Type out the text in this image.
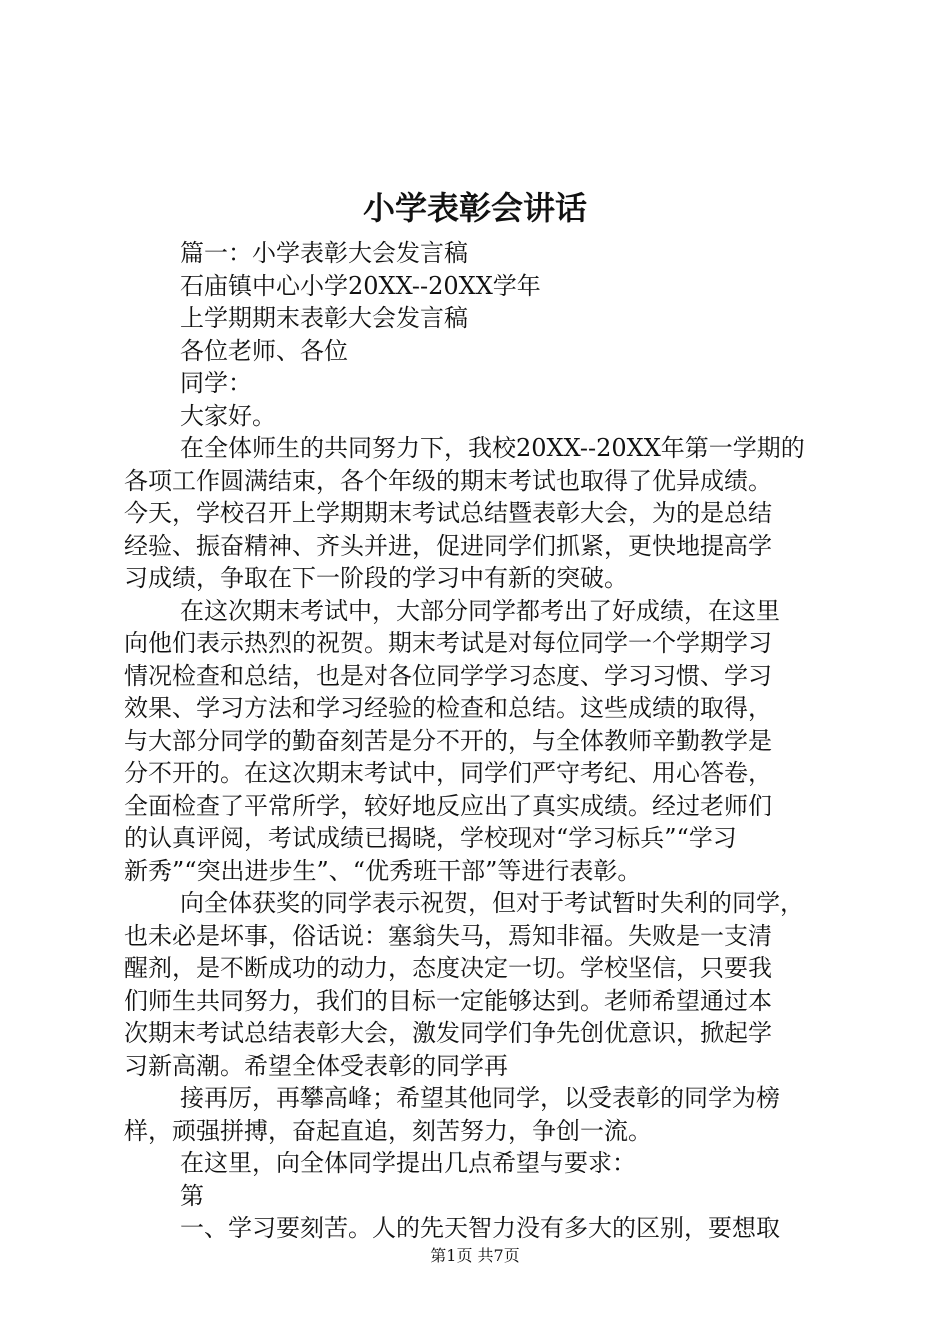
小学表彰会讲话
篇一：小学表彰大会发言稿
石庙镇中心小学20XX--20XX学年
上学期期末表彰大会发言稿
各位老师、各位
同学：
大家好。
在全体师生的共同努力下，我校20XX--20XX年第一学期的
各项工作圆满结束，各个年级的期末考试也取得了优异成绩。
今天，学校召开上学期期末考试总结暨表彰大会，为的是总结
经验、振奋精神、齐头并进，促进同学们抓紧，更快地提高学
习成绩，争取在下一阶段的学习中有新的突破。
在这次期末考试中，大部分同学都考出了好成绩，在这里
向他们表示热烈的祝贺。期末考试是对每位同学一个学期学习
情况检查和总结，也是对各位同学学习态度、学习习惯、学习
效果、学习方法和学习经验的检查和总结。这些成绩的取得，
与大部分同学的勤奋刻苦是分不开的，与全体教师辛勤教学是
分不开的。在这次期末考试中，同学们严守考纪、用心答卷，
全面检查了平常所学，较好地反应出了真实成绩。经过老师们
的认真评阅，考试成绩已揭晓，学校现对“学习标兵”“学习
新秀”“突出进步生”、“优秀班干部”等进行表彰。
向全体获奖的同学表示祝贺，但对于考试暂时失利的同学，
也未必是坏事，俗话说：塞翁失马，焉知非福。失败是一支清
醒剂，是不断成功的动力，态度决定一切。学校坚信，只要我
们师生共同努力，我们的目标一定能够达到。老师希望通过本
次期末考试总结表彰大会，激发同学们争先创优意识，掀起学
习新高潮。希望全体受表彰的同学再
接再厉，再攀高峰；希望其他同学，以受表彰的同学为榜
样，顽强拼搏，奋起直追，刻苦努力，争创一流。
在这里，向全体同学提出几点希望与要求：
第
一、学习要刻苦。人的先天智力没有多大的区别，要想取
第1页 共7页
